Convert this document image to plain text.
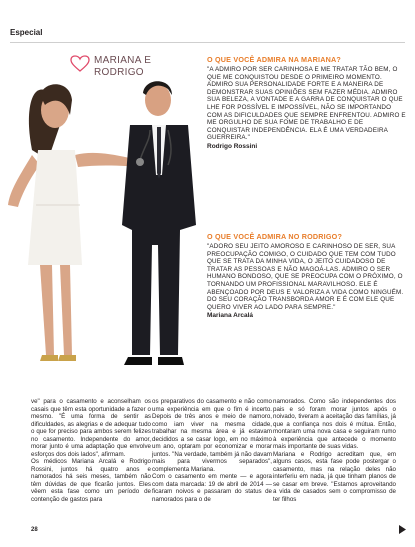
Especial
MARIANA E
RODRIGO
O QUE VOCÊ ADMIRA NA MARIANA?
"A ADMIRO POR SER CARINHOSA E ME TRATAR TÃO BEM, O QUE ME CONQUISTOU DESDE O PRIMEIRO MOMENTO. ADMIRO SUA PERSONALIDADE FORTE E A MANEIRA DE DEMONSTRAR SUAS OPINIÕES SEM FAZER MÉDIA. ADMIRO SUA BELEZA, A VONTADE E A GARRA DE CONQUISTAR O QUE LHE FOR POSSÍVEL E IMPOSSÍVEL, NÃO SE IMPORTANDO COM AS DIFICULDADES QUE SEMPRE ENFRENTOU. ADMIRO E ME ORGULHO DE SUA FOME DE TRABALHO E DE CONQUISTAR INDEPENDÊNCIA. ELA É UMA VERDADEIRA GUERREIRA."
Rodrigo Rossini
O QUE VOCÊ ADMIRA NO RODRIGO?
"ADORO SEU JEITO AMOROSO E CARINHOSO DE SER, SUA PREOCUPAÇÃO COMIGO, O CUIDADO QUE TEM COM TUDO QUE SE TRATA DA MINHA VIDA, O JEITO CUIDADOSO DE TRATAR AS PESSOAS E NÃO MAGOÁ-LAS. ADMIRO O SER HUMANO BONDOSO, QUE SE PREOCUPA COM O PRÓXIMO, O TORNANDO UM PROFISSIONAL MARAVILHOSO. ELE É ABENÇOADO POR DEUS E VALORIZA A VIDA COMO NINGUÉM. DO SEU CORAÇÃO TRANSBORDA AMOR E É COM ELE QUE QUERO VIVER AO LADO PARA SEMPRE."
Mariana Arcalá

ve" para o casamento e aconselham os casais que têm esta oportunidade a fazer o mesmo. "É uma forma de sentir as dificuldades, as alegrias e de adequar tudo o que for preciso para ambos serem felizes no casamento. Independente do amor, morar junto é uma adaptação que envolve esforços dos dois lados", afirmam.
Os médicos Mariana Arcalá e Rodrigo Rossini, juntos há quatro anos e namorados há seis meses, também não têm dúvidas de que ficarão juntos. Eles vêem esta fase como um período de contenção de gastos para

os preparativos do casamento e não como uma experiência em que o fim é incerto. Depois de três anos e meio de namoro, como iam viver na mesma cidade, trabalhar na mesma área e já estavam decididos a se casar logo, em no máximo um ano, optaram por economizar e morar juntos. "Na verdade, também já não davam mais para vivermos separados", complementa Mariana.
Com o casamento em mente — e agora com data marcada: 19 de abril de 2014 — ficaram noivos e passaram do status de namorados para o de

namorados. Como são independentes dos pais e só foram morar juntos após o noivado, tiveram a aceitação das famílias, já que a confiança nos dois é mútua. Então, montaram uma nova casa e seguiram rumo à experiência que antecede o momento mais importante de suas vidas.
Mariana e Rodrigo acreditam que, em alguns casos, esta fase pode postergar o casamento, mas na relação deles não interferiu em nada, já que tinham planos de se casar em breve. "Estamos aproveitando a vida de casados sem o compromisso de ter filhos

28
